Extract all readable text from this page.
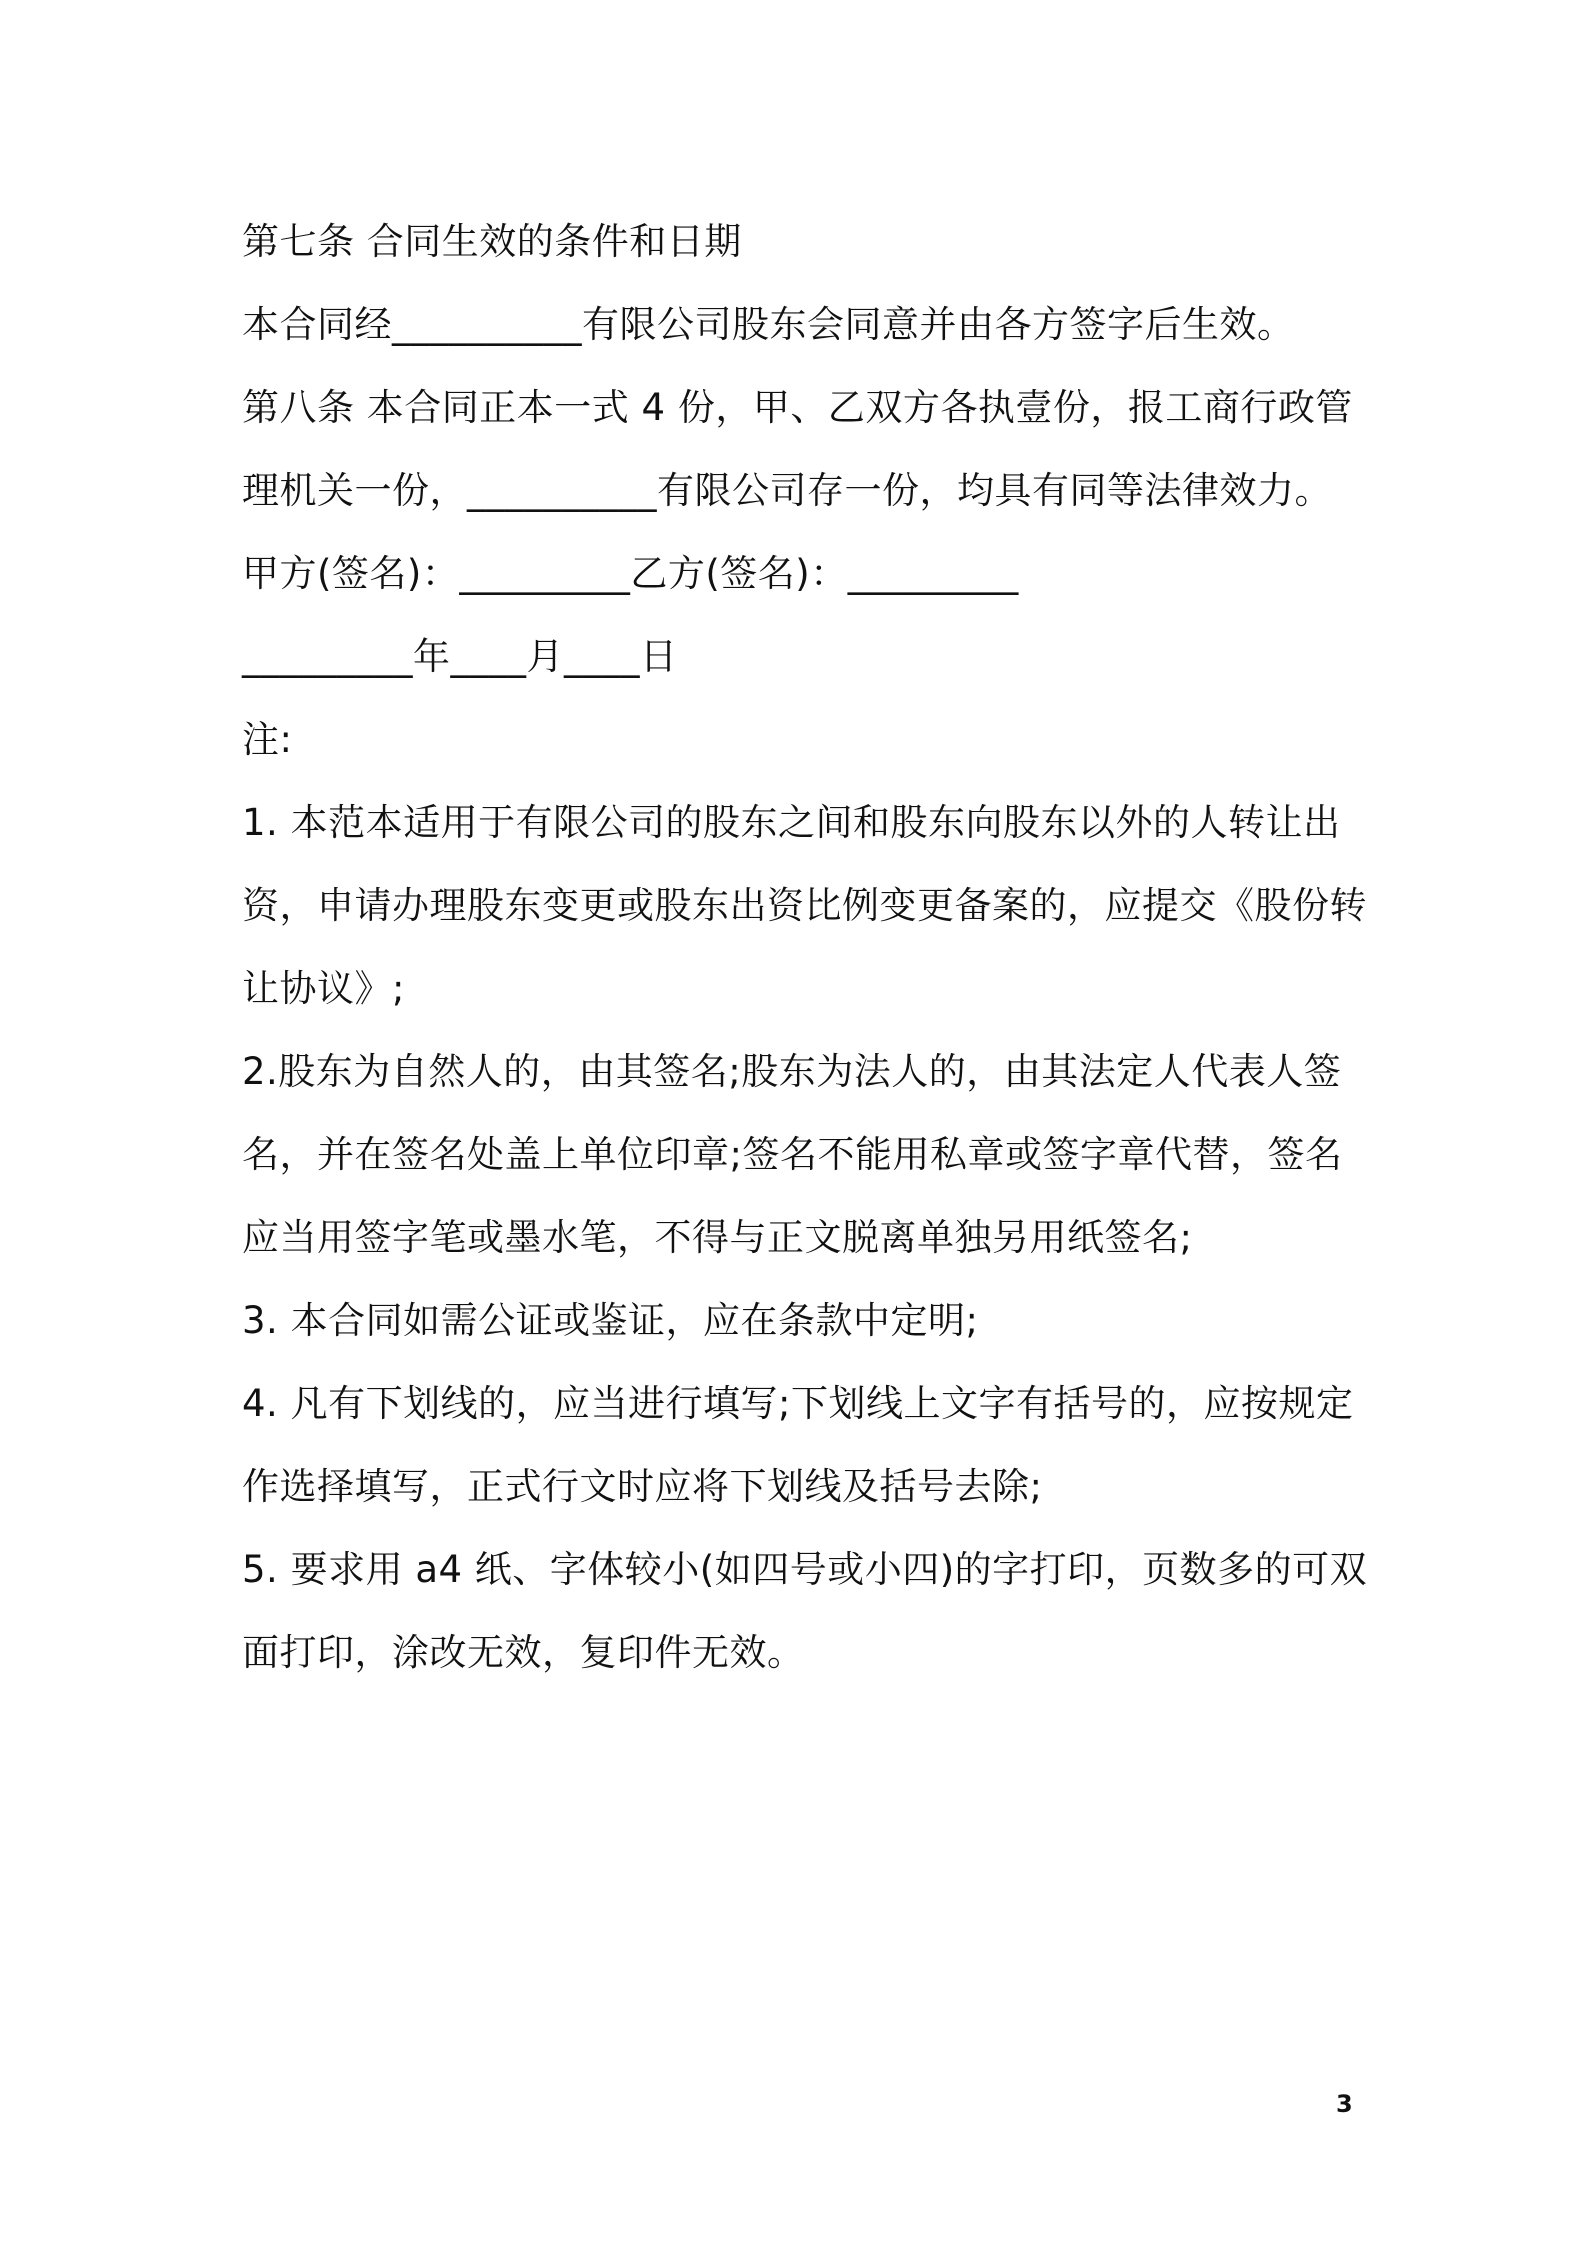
第七条 合同生效的条件和日期
本合同经__________有限公司股东会同意并由各方签字后生效。
第八条 本合同正本一式 4 份，甲、乙双方各执壹份，报工商行政管
理机关一份，__________有限公司存一份，均具有同等法律效力。
甲方(签名)：_________乙方(签名)：_________
_________年____月____日
注:
1. 本范本适用于有限公司的股东之间和股东向股东以外的人转让出
资，申请办理股东变更或股东出资比例变更备案的，应提交《股份转
让协议》;
2.股东为自然人的，由其签名;股东为法人的，由其法定人代表人签
名，并在签名处盖上单位印章;签名不能用私章或签字章代替，签名
应当用签字笔或墨水笔，不得与正文脱离单独另用纸签名;
3. 本合同如需公证或鉴证，应在条款中定明;
4. 凡有下划线的，应当进行填写;下划线上文字有括号的，应按规定
作选择填写，正式行文时应将下划线及括号去除;
5. 要求用 a4 纸、字体较小(如四号或小四)的字打印，页数多的可双
面打印，涂改无效，复印件无效。
3
